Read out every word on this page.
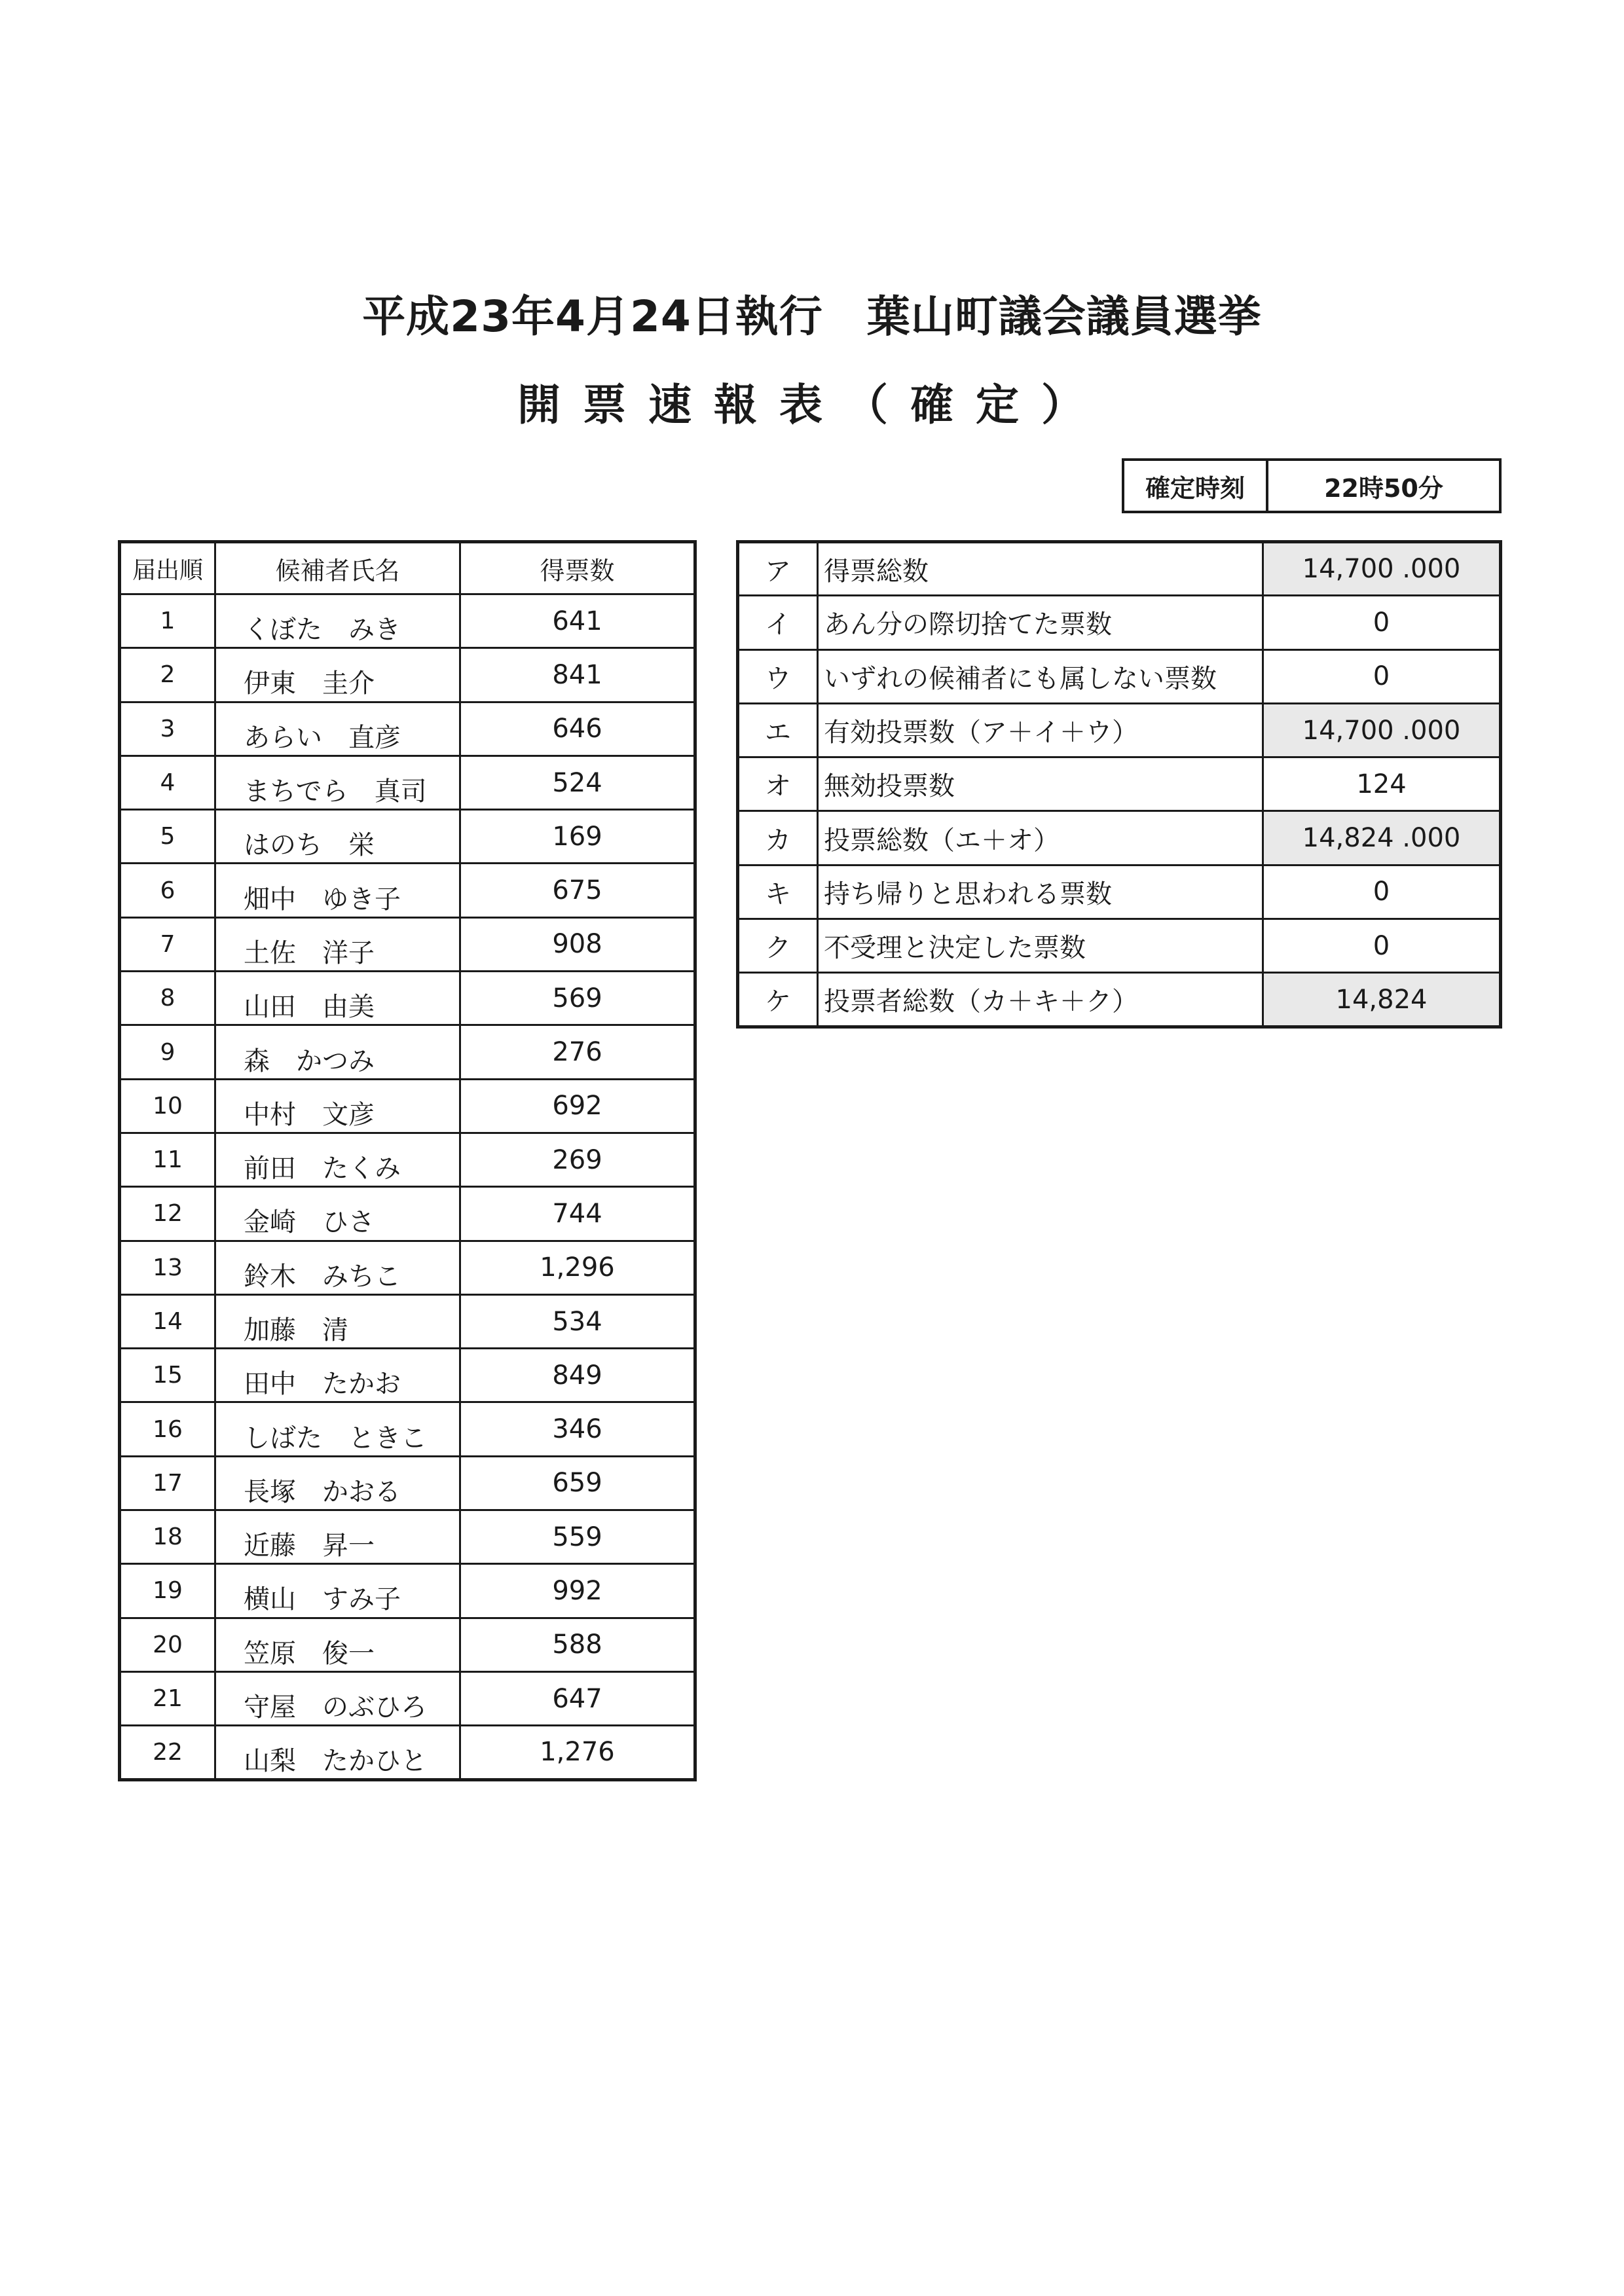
平成23年4月24日執行　葉山町議会議員選挙
開票速報表（確定）
確定時刻	22時50分
届出順	候補者氏名	得票数
1	くぼた　みき	641
2	伊東　圭介	841
3	あらい　直彦	646
4	まちでら　真司	524
5	はのち　栄	169
6	畑中　ゆき子	675
7	土佐　洋子	908
8	山田　由美	569
9	森　かつみ	276
10	中村　文彦	692
11	前田　たくみ	269
12	金崎　ひさ	744
13	鈴木　みちこ	1,296
14	加藤　清	534
15	田中　たかお	849
16	しばた　ときこ	346
17	長塚　かおる	659
18	近藤　昇一	559
19	横山　すみ子	992
20	笠原　俊一	588
21	守屋　のぶひろ	647
22	山梨　たかひと	1,276
ア	得票総数	14,700 .000
イ	あん分の際切捨てた票数	0
ウ	いずれの候補者にも属しない票数	0
エ	有効投票数（ア＋イ＋ウ）	14,700 .000
オ	無効投票数	124
カ	投票総数（エ＋オ）	14,824 .000
キ	持ち帰りと思われる票数	0
ク	不受理と決定した票数	0
ケ	投票者総数（カ＋キ＋ク）	14,824
